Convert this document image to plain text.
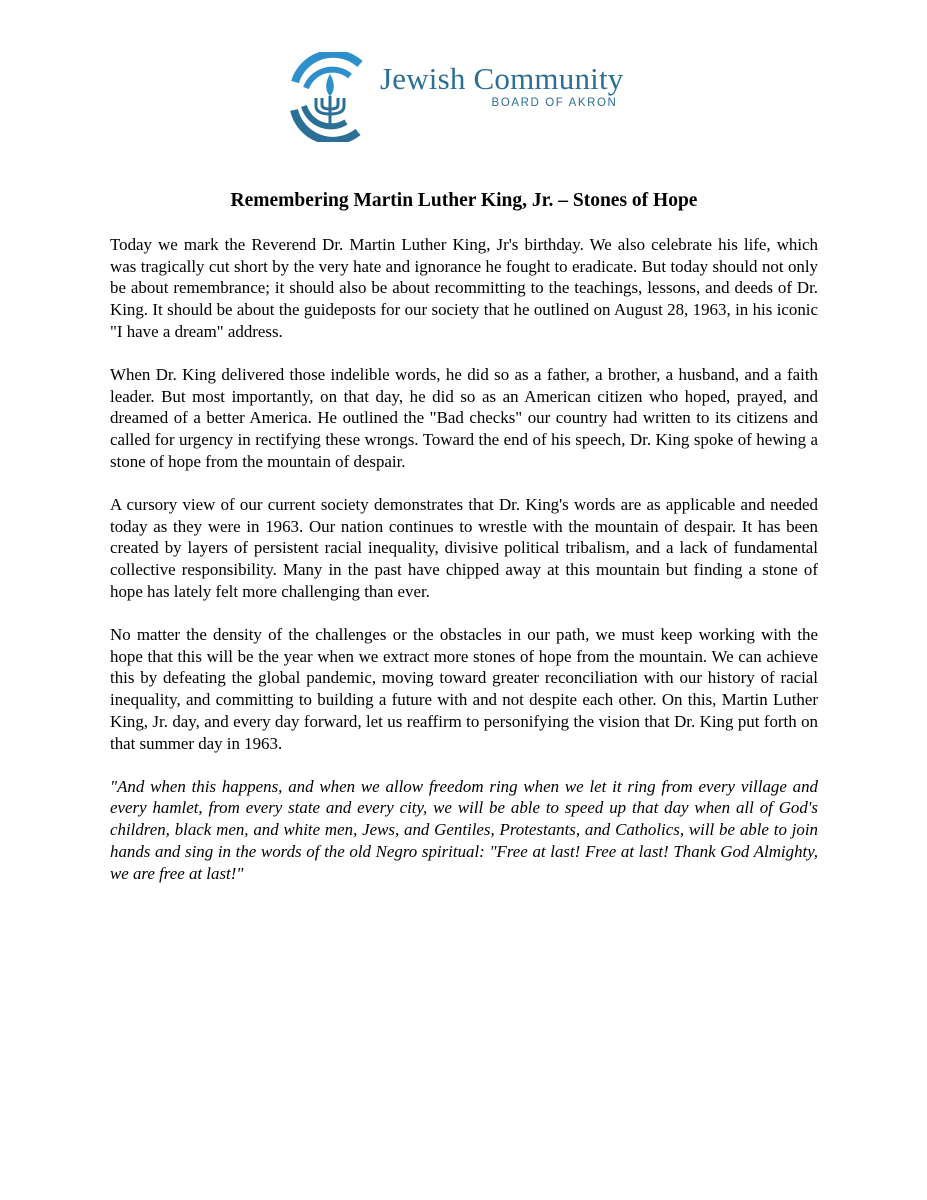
Jewish Community
BOARD OF AKRON
Remembering Martin Luther King, Jr. – Stones of Hope

Today we mark the Reverend Dr. Martin Luther King, Jr's birthday. We also celebrate his life, which was tragically cut short by the very hate and ignorance he fought to eradicate. But today should not only be about remembrance; it should also be about recommitting to the teachings, lessons, and deeds of Dr. King. It should be about the guideposts for our society that he outlined on August 28, 1963, in his iconic "I have a dream" address.

When Dr. King delivered those indelible words, he did so as a father, a brother, a husband, and a faith leader. But most importantly, on that day, he did so as an American citizen who hoped, prayed, and dreamed of a better America. He outlined the "Bad checks" our country had written to its citizens and called for urgency in rectifying these wrongs. Toward the end of his speech, Dr. King spoke of hewing a stone of hope from the mountain of despair.

A cursory view of our current society demonstrates that Dr. King's words are as applicable and needed today as they were in 1963. Our nation continues to wrestle with the mountain of despair. It has been created by layers of persistent racial inequality, divisive political tribalism, and a lack of fundamental collective responsibility. Many in the past have chipped away at this mountain but finding a stone of hope has lately felt more challenging than ever.

No matter the density of the challenges or the obstacles in our path, we must keep working with the hope that this will be the year when we extract more stones of hope from the mountain. We can achieve this by defeating the global pandemic, moving toward greater reconciliation with our history of racial inequality, and committing to building a future with and not despite each other. On this, Martin Luther King, Jr. day, and every day forward, let us reaffirm to personifying the vision that Dr. King put forth on that summer day in 1963.

"And when this happens, and when we allow freedom ring when we let it ring from every village and every hamlet, from every state and every city, we will be able to speed up that day when all of God's children, black men, and white men, Jews, and Gentiles, Protestants, and Catholics, will be able to join hands and sing in the words of the old Negro spiritual: "Free at last! Free at last! Thank God Almighty, we are free at last!"
